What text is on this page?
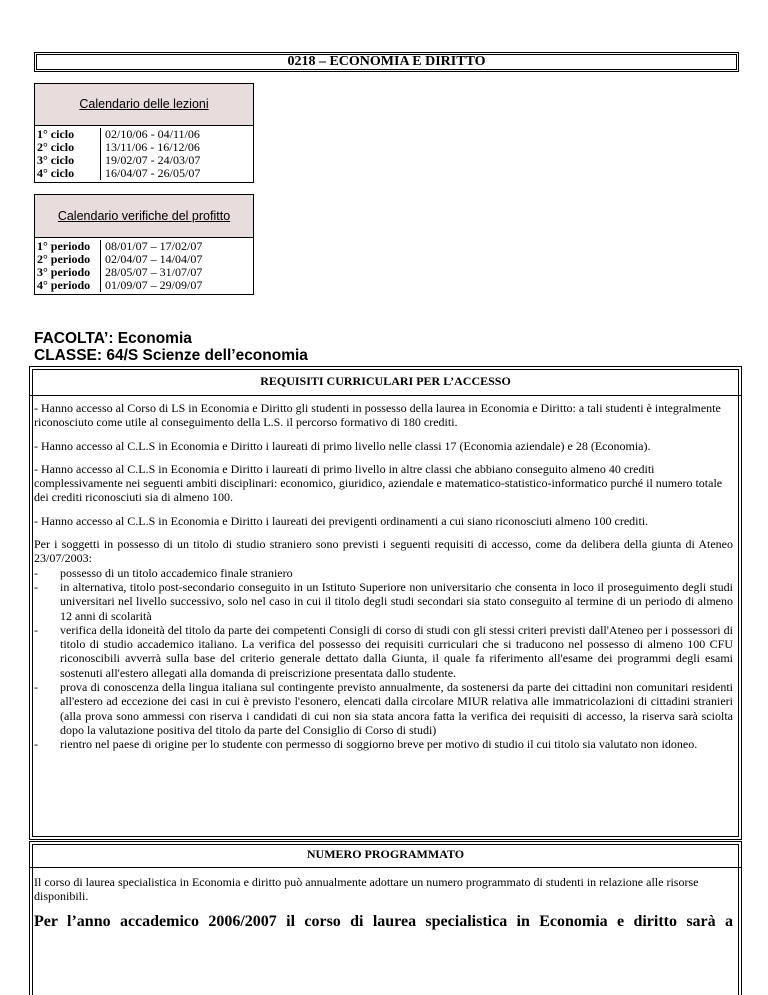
0218 – ECONOMIA E DIRITTO
Calendario delle lezioni
1° ciclo	02/10/06 - 04/11/06
2° ciclo	13/11/06 - 16/12/06
3° ciclo	19/02/07 - 24/03/07
4° ciclo	16/04/07 - 26/05/07
Calendario verifiche del profitto
1° periodo	08/01/07 – 17/02/07
2° periodo	02/04/07 – 14/04/07
3° periodo	28/05/07 – 31/07/07
4° periodo	01/09/07 – 29/09/07
FACOLTA’: Economia
CLASSE: 64/S Scienze dell’economia
REQUISITI CURRICULARI PER L’ACCESSO

- Hanno accesso al Corso di LS in Economia e Diritto gli studenti in possesso della laurea in Economia e Diritto: a tali studenti è integralmente riconosciuto come utile al conseguimento della L.S. il percorso formativo di 180 crediti.

- Hanno accesso al C.L.S in Economia e Diritto i laureati di primo livello nelle classi 17 (Economia aziendale) e 28 (Economia).

- Hanno accesso al C.L.S in Economia e Diritto i laureati di primo livello in altre classi che abbiano conseguito almeno 40 crediti complessivamente nei seguenti ambiti disciplinari: economico, giuridico, aziendale e matematico-statistico-informatico purché il numero totale dei crediti riconosciuti sia di almeno 100.

- Hanno accesso al C.L.S in Economia e Diritto i laureati dei previgenti ordinamenti a cui siano riconosciuti almeno 100 crediti.

Per i soggetti in possesso di un titolo di studio straniero sono previsti i seguenti requisiti di accesso, come da delibera della giunta di Ateneo 23/07/2003:

-	possesso di un titolo accademico finale straniero
-	in alternativa, titolo post-secondario conseguito in un Istituto Superiore non universitario che consenta in loco il proseguimento degli studi universitari nel livello successivo, solo nel caso in cui il titolo degli studi secondari sia stato conseguito al termine di un periodo di almeno 12 anni di scolarità
-	verifica della idoneità del titolo da parte dei competenti Consigli di corso di studi con gli stessi criteri previsti dall'Ateneo per i possessori di titolo di studio accademico italiano. La verifica del possesso dei requisiti curriculari che si traducono nel possesso di almeno 100 CFU riconoscibili avverrà sulla base del criterio generale dettato dalla Giunta, il quale fa riferimento all'esame dei programmi degli esami sostenuti all'estero allegati alla domanda di preiscrizione presentata dallo studente.
-	prova di conoscenza della lingua italiana sul contingente previsto annualmente, da sostenersi da parte dei cittadini non comunitari residenti all'estero ad eccezione dei casi in cui è previsto l'esonero, elencati dalla circolare MIUR relativa alle immatricolazioni di cittadini stranieri (alla prova sono ammessi con riserva i candidati di cui non sia stata ancora fatta la verifica dei requisiti di accesso, la riserva sarà sciolta dopo la valutazione positiva del titolo da parte del Consiglio di Corso di studi)
-	rientro nel paese di origine per lo studente con permesso di soggiorno breve per motivo di studio il cui titolo sia valutato non idoneo.
NUMERO PROGRAMMATO

Il corso di laurea specialistica in Economia e diritto può annualmente adottare un numero programmato di studenti in relazione alle risorse disponibili.

Per l’anno accademico 2006/2007 il corso di laurea specialistica in Economia e diritto sarà a
